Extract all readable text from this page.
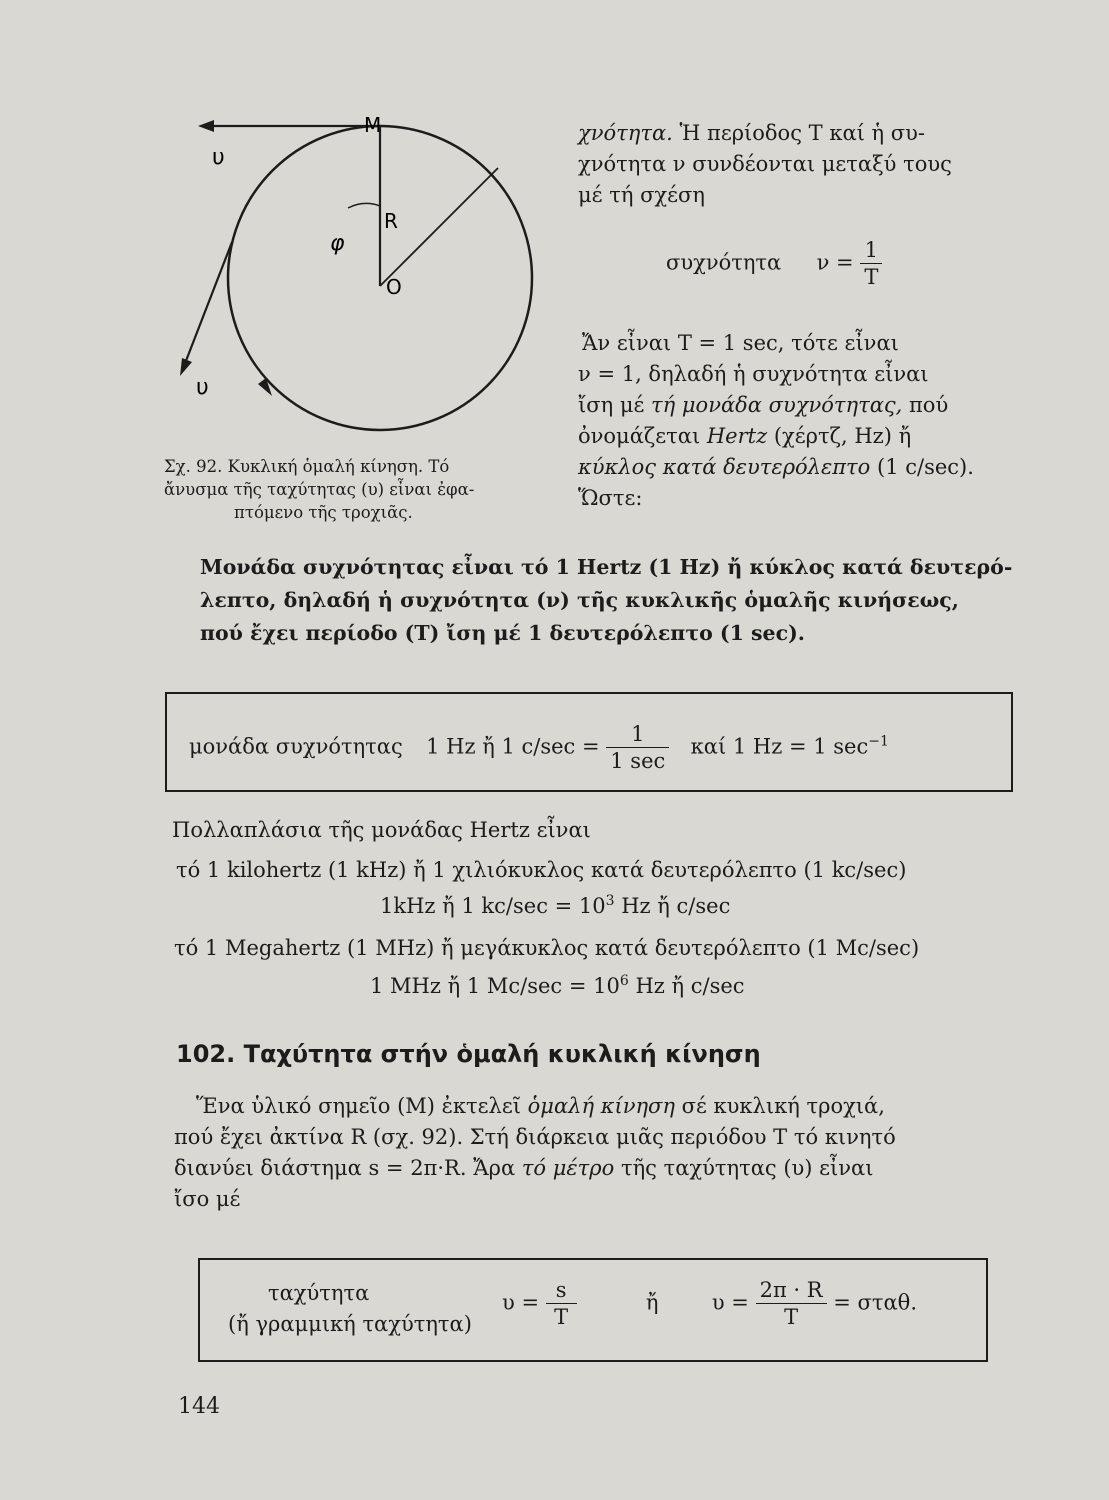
M
υ
R
φ
O
υ
Σχ. 92. Κυκλική ὁμαλή κίνηση. Τό
ἄνυσμα τῆς ταχύτητας (υ) εἶναι ἐφα-
πτόμενο τῆς τροχιᾶς.
χνότητα. Ἡ περίοδος T καί ἡ συ-
χνότητα ν συνδέονται μεταξύ τους
μέ τή σχέση
συχνότητα $\nu = \frac{1}{T}$
Ἄν εἶναι T = 1 sec, τότε εἶναι
ν = 1, δηλαδή ἡ συχνότητα εἶναι
ἴση μέ τή μονάδα συχνότητας, πού
ὀνομάζεται Hertz (χέρτζ, Hz) ἤ
κύκλος κατά δευτερόλεπτο (1 c/sec).
Ὥστε:
Μονάδα συχνότητας εἶναι τό 1 Hertz (1 Hz) ἤ κύκλος κατά δευτερό-
λεπτο, δηλαδή ἡ συχνότητα (ν) τῆς κυκλικῆς ὁμαλῆς κινήσεως,
πού ἔχει περίοδο (T) ἴση μέ 1 δευτερόλεπτο (1 sec).
μονάδα συχνότητας 1 Hz ἤ 1 $c/\sec = \frac{1}{1 \sec}$ καί 1 Hz = 1 $\sec^{-1}$
Πολλαπλάσια τῆς μονάδας Hertz εἶναι
τό 1 kilohertz (1 kHz) ἤ 1 χιλιόκυκλος κατά δευτερόλεπτο (1 kc/sec)
1kHz ἤ 1 $kc/\sec = 10^3$ Hz ἤ c/sec
τό 1 Megahertz (1 MHz) ἤ μεγάκυκλος κατά δευτερόλεπτο (1 Mc/sec)
1 MHz ἤ 1 $Mc/\sec = 10^6$ Hz ἤ c/sec
102. Ταχύτητα στήν ὁμαλή κυκλική κίνηση
Ἕνα ὑλικό σημεῖο (M) ἐκτελεῖ ὁμαλή κίνηση σέ κυκλική τροχιά,
πού ἔχει ἀκτίνα R (σχ. 92). Στή διάρκεια μιᾶς περιόδου T τό κινητό
διανύει διάστημα s = 2π·R. Ἄρα τό μέτρο τῆς ταχύτητας (υ) εἶναι
ἴσο μέ
ταχύτητα
(ἤ γραμμική ταχύτητα)
$\upsilon = \frac{s}{T}$	ἤ	$\upsilon = \frac{2\pi \cdot R}{T} = \sigma\tau\alpha\theta$.
144
